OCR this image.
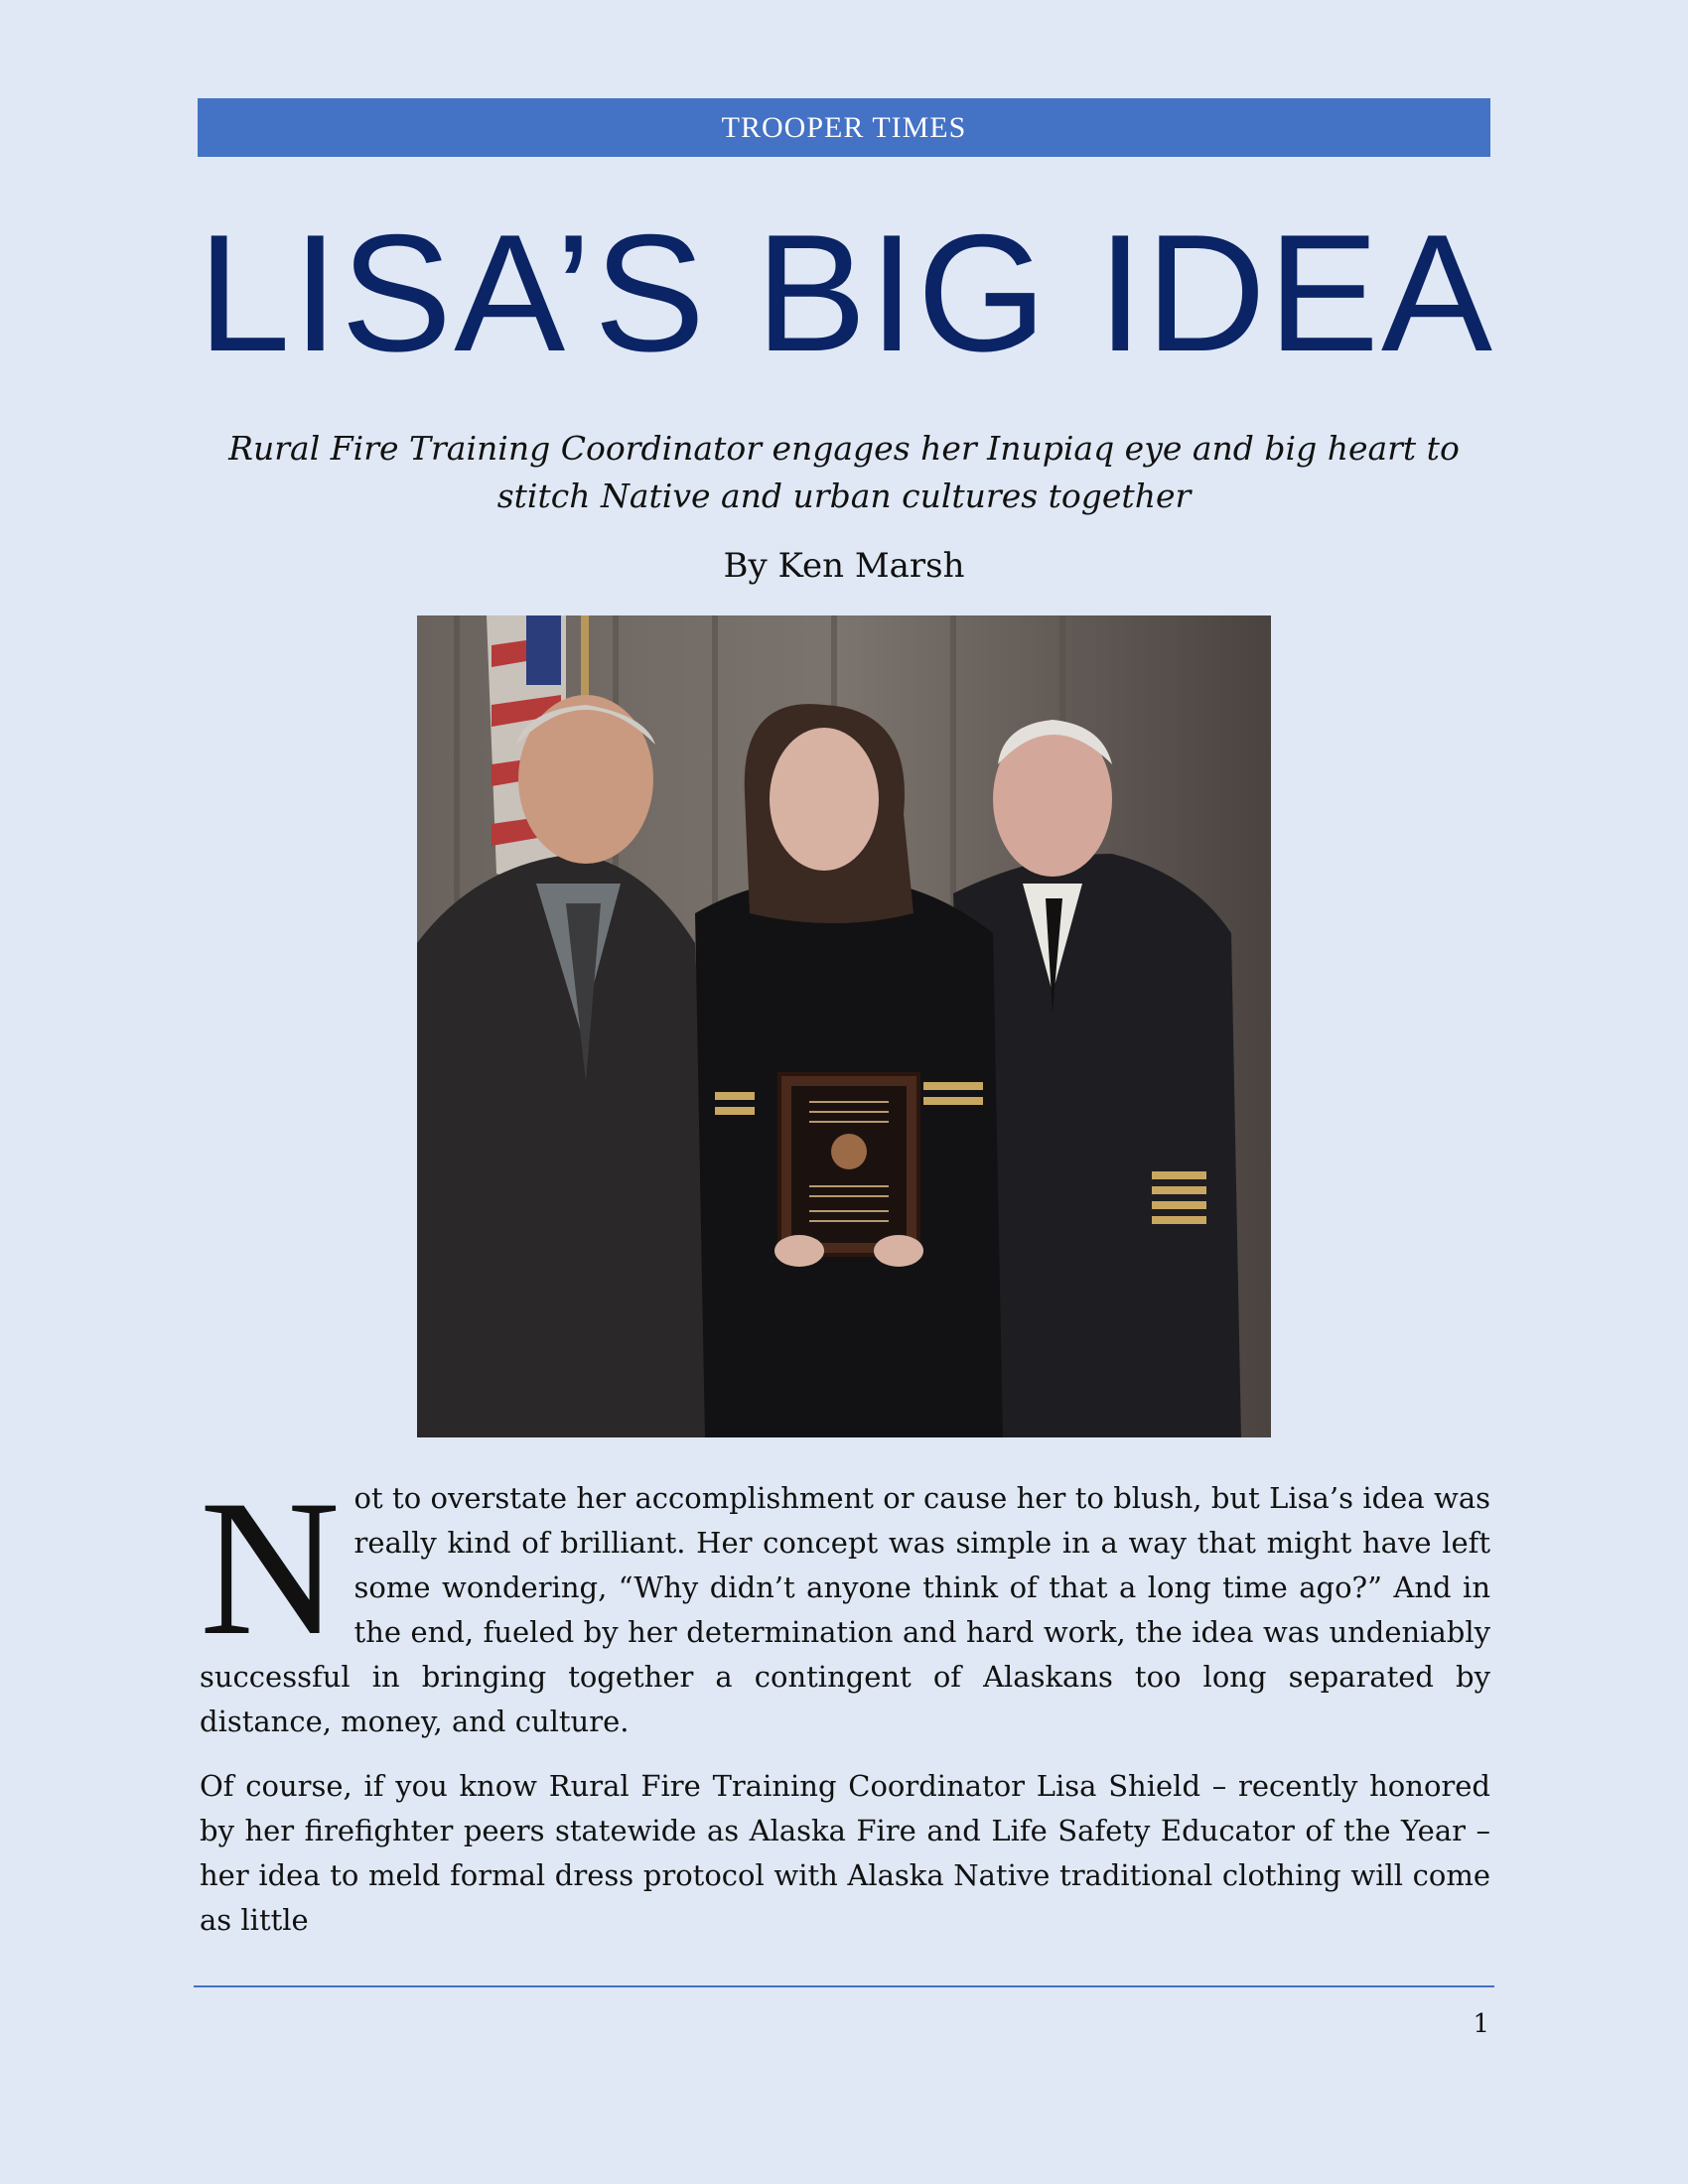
TROOPER TIMES
LISA’S BIG IDEA

Rural Fire Training Coordinator engages her Inupiaq eye and big heart to stitch Native and urban cultures together

By Ken Marsh

Not to overstate her accomplishment or cause her to blush, but Lisa’s idea was really kind of brilliant. Her concept was simple in a way that might have left some wondering, “Why didn’t anyone think of that a long time ago?” And in the end, fueled by her determination and hard work, the idea was undeniably successful in bringing together a contingent of Alaskans too long separated by distance, money, and culture.

Of course, if you know Rural Fire Training Coordinator Lisa Shield – recently honored by her firefighter peers statewide as Alaska Fire and Life Safety Educator of the Year – her idea to meld formal dress protocol with Alaska Native traditional clothing will come as little

1
